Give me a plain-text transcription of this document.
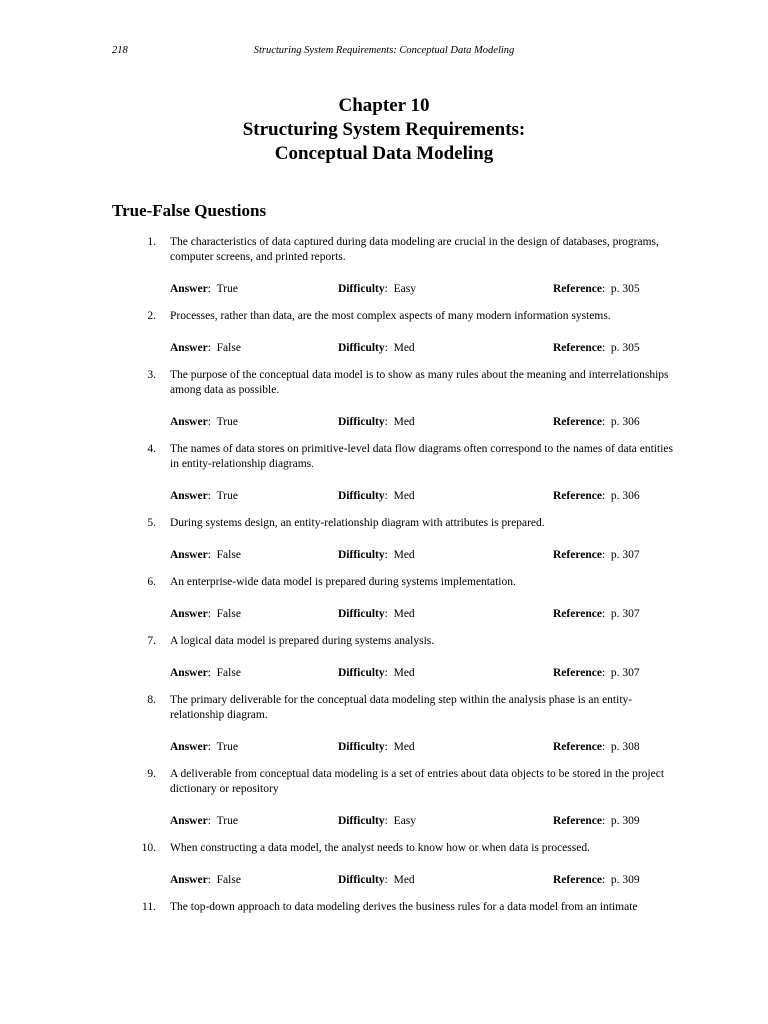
218	Structuring System Requirements: Conceptual Data Modeling
Chapter 10
Structuring System Requirements:
Conceptual Data Modeling
True-False Questions
1. The characteristics of data captured during data modeling are crucial in the design of databases, programs, computer screens, and printed reports.
Answer: True	Difficulty: Easy	Reference: p. 305
2. Processes, rather than data, are the most complex aspects of many modern information systems.
Answer: False	Difficulty: Med	Reference: p. 305
3. The purpose of the conceptual data model is to show as many rules about the meaning and interrelationships among data as possible.
Answer: True	Difficulty: Med	Reference: p. 306
4. The names of data stores on primitive-level data flow diagrams often correspond to the names of data entities in entity-relationship diagrams.
Answer: True	Difficulty: Med	Reference: p. 306
5. During systems design, an entity-relationship diagram with attributes is prepared.
Answer: False	Difficulty: Med	Reference: p. 307
6. An enterprise-wide data model is prepared during systems implementation.
Answer: False	Difficulty: Med	Reference: p. 307
7. A logical data model is prepared during systems analysis.
Answer: False	Difficulty: Med	Reference: p. 307
8. The primary deliverable for the conceptual data modeling step within the analysis phase is an entity-relationship diagram.
Answer: True	Difficulty: Med	Reference: p. 308
9. A deliverable from conceptual data modeling is a set of entries about data objects to be stored in the project dictionary or repository
Answer: True	Difficulty: Easy	Reference: p. 309
10. When constructing a data model, the analyst needs to know how or when data is processed.
Answer: False	Difficulty: Med	Reference: p. 309
11. The top-down approach to data modeling derives the business rules for a data model from an intimate
